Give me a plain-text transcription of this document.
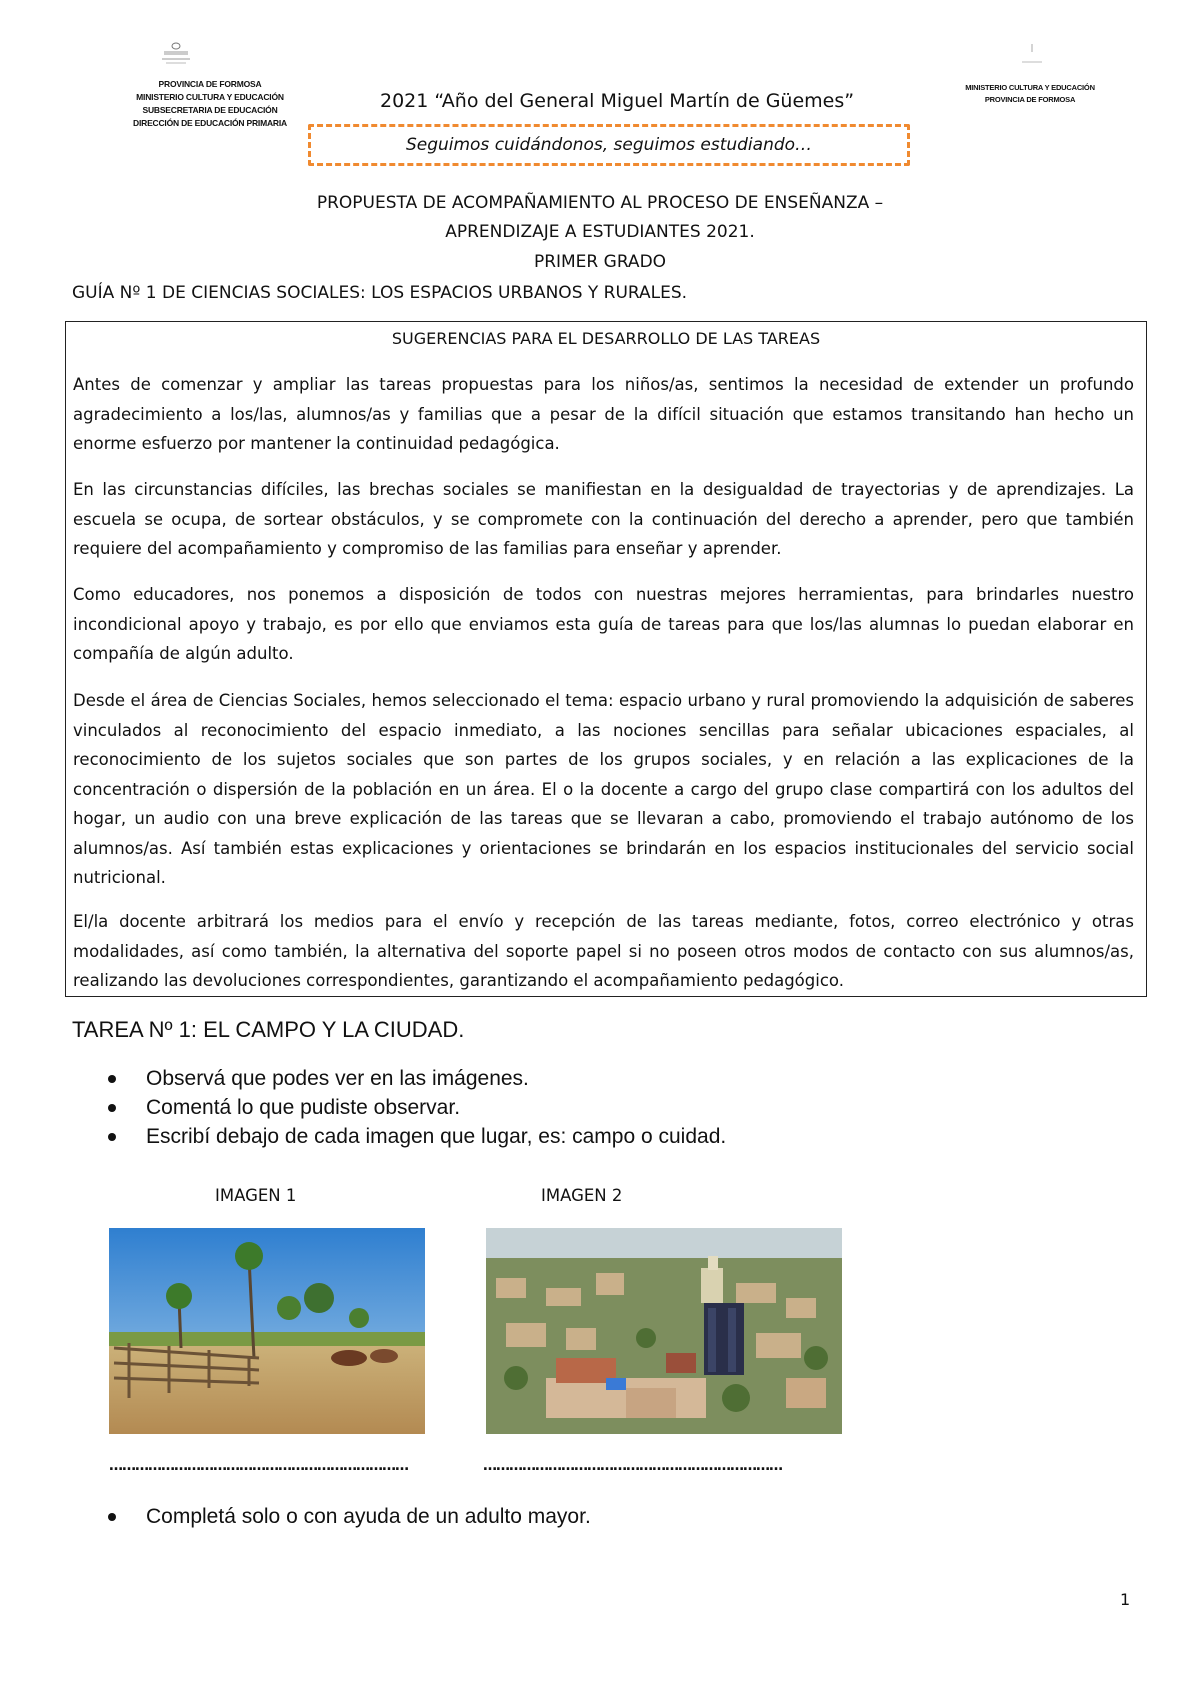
PROVINCIA DE FORMOSA
MINISTERIO CULTURA Y EDUCACIÓN
SUBSECRETARIA DE EDUCACIÓN
DIRECCIÓN DE EDUCACIÓN PRIMARIA
MINISTERIO CULTURA Y EDUCACIÓN
PROVINCIA DE FORMOSA
2021 “Año del General Miguel Martín de Güemes”
Seguimos cuidándonos, seguimos estudiando…
PROPUESTA DE ACOMPAÑAMIENTO AL PROCESO DE ENSEÑANZA –
APRENDIZAJE A ESTUDIANTES 2021.
PRIMER GRADO
GUÍA Nº 1 DE CIENCIAS SOCIALES: LOS ESPACIOS URBANOS Y RURALES.
SUGERENCIAS PARA EL DESARROLLO DE LAS TAREAS
Antes de comenzar y ampliar las tareas propuestas para los niños/as, sentimos la necesidad de extender un profundo agradecimiento a los/las, alumnos/as y familias que a pesar de la difícil situación que estamos transitando han hecho un enorme esfuerzo por mantener la continuidad pedagógica.
En las circunstancias difíciles, las brechas sociales se manifiestan en la desigualdad de trayectorias y de aprendizajes. La escuela se ocupa, de sortear obstáculos, y se compromete con la continuación del derecho a aprender, pero que también requiere del acompañamiento y compromiso de las familias para enseñar y aprender.
Como educadores, nos ponemos a disposición de todos con nuestras mejores herramientas, para brindarles nuestro incondicional apoyo y trabajo, es por ello que enviamos esta guía de tareas para que los/las alumnas lo puedan elaborar en compañía de algún adulto.
Desde el área de Ciencias Sociales, hemos seleccionado el tema: espacio urbano y rural promoviendo la adquisición de saberes vinculados al reconocimiento del espacio inmediato, a las nociones sencillas para señalar ubicaciones espaciales, al reconocimiento de los sujetos sociales que son partes de los grupos sociales, y en relación a las explicaciones de la concentración o dispersión de la población en un área. El o la docente a cargo del grupo clase compartirá con los adultos del hogar, un audio con una breve explicación de las tareas que se llevaran a cabo, promoviendo el trabajo autónomo de los alumnos/as. Así también estas explicaciones y orientaciones se brindarán en los espacios institucionales del servicio social nutricional.
El/la docente arbitrará los medios para el envío y recepción de las tareas mediante, fotos, correo electrónico y otras modalidades, así como también, la alternativa del soporte papel si no poseen otros modos de contacto con sus alumnos/as, realizando las devoluciones correspondientes, garantizando el acompañamiento pedagógico.
TAREA Nº 1: EL CAMPO Y LA CIUDAD.
Observá que podes ver en las imágenes.
Comentá lo que pudiste observar.
Escribí debajo de cada imagen que lugar, es: campo o cuidad.
IMAGEN 1	IMAGEN 2
……………………………………………………………	……………………………………………………………
Completá solo o con ayuda de un adulto mayor.
1
